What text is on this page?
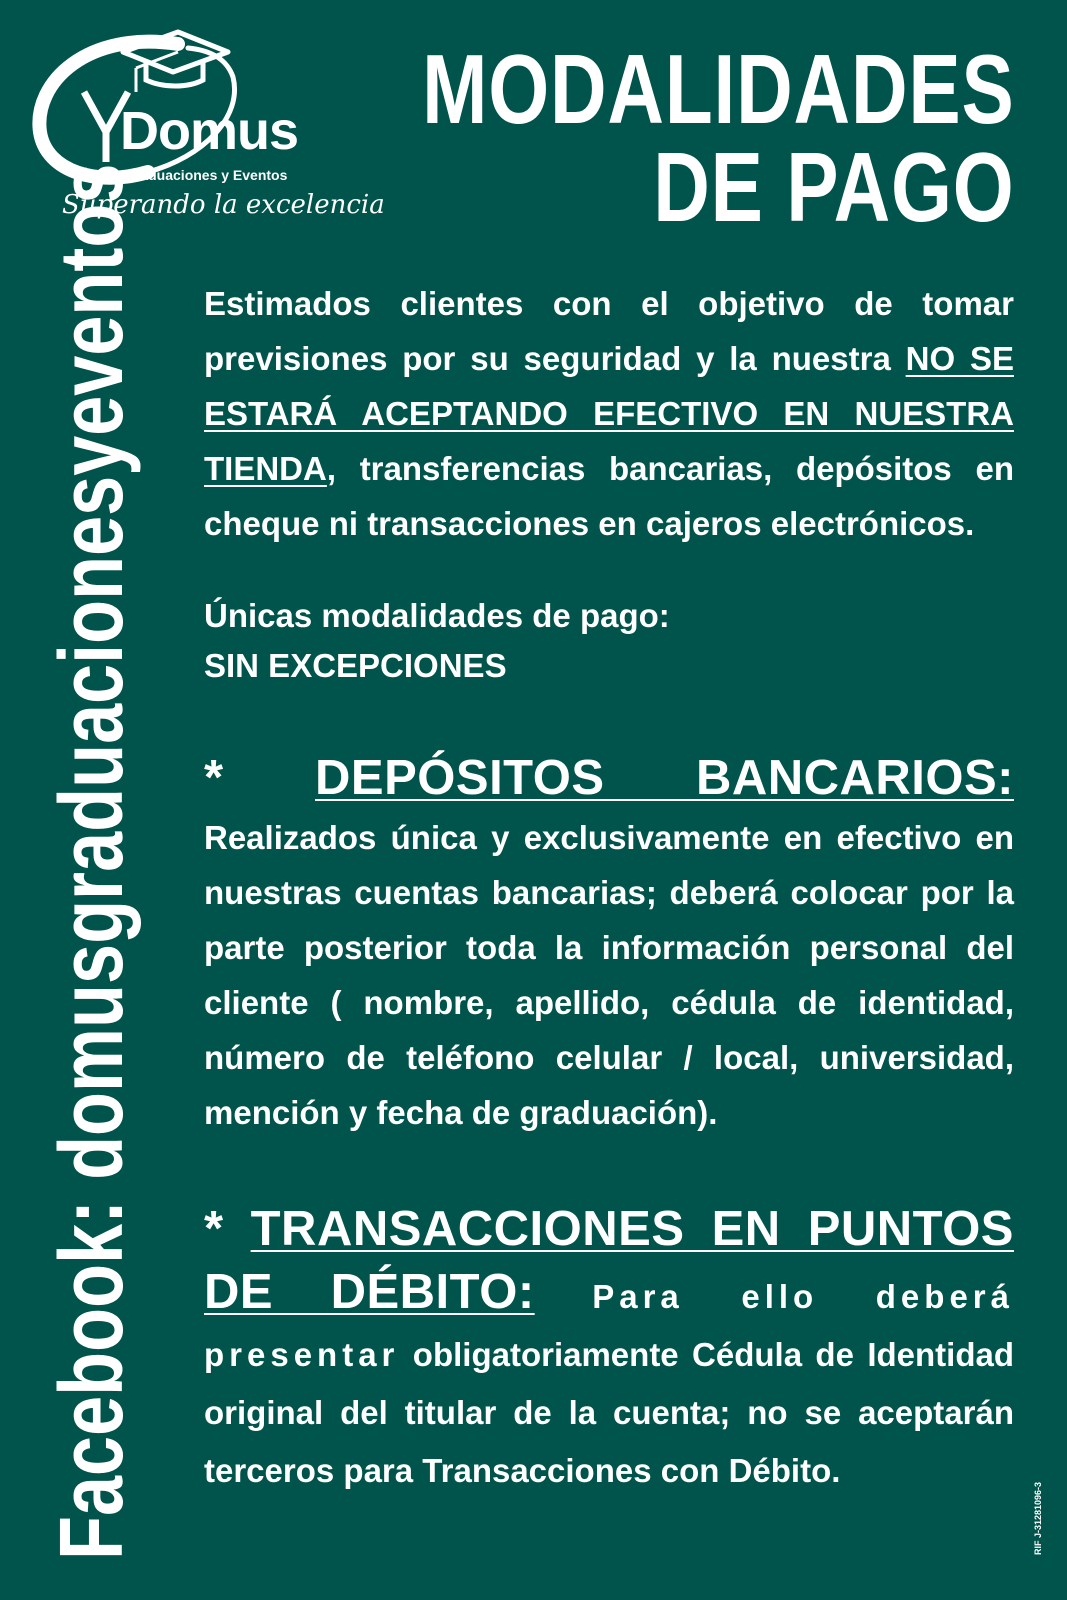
Domus
Graduaciones y Eventos
Superando la excelencia
MODALIDADES
DE PAGO
Facebook: domusgraduacionesyeventos Estimados clientes con el objetivo de tomar previsiones por su seguridad y la nuestra NO SE ESTARÁ ACEPTANDO EFECTIVO EN NUESTRA TIENDA, transferencias bancarias, depósitos en cheque ni transacciones en cajeros electrónicos.

Únicas modalidades de pago:
SIN EXCEPCIONES

* DEPÓSITOS BANCARIOS: Realizados única y exclusivamente en efectivo en nuestras cuentas bancarias; deberá colocar por la parte posterior toda la información personal del cliente ( nombre, apellido, cédula de identidad, número de teléfono celular / local, universidad, mención y fecha de graduación).

* TRANSACCIONES EN PUNTOS DE DÉBITO: Para ello deberá presentar obligatoriamente Cédula de Identidad original del titular de la cuenta; no se aceptarán terceros para Transacciones con Débito.

RIF J-31281096-3
